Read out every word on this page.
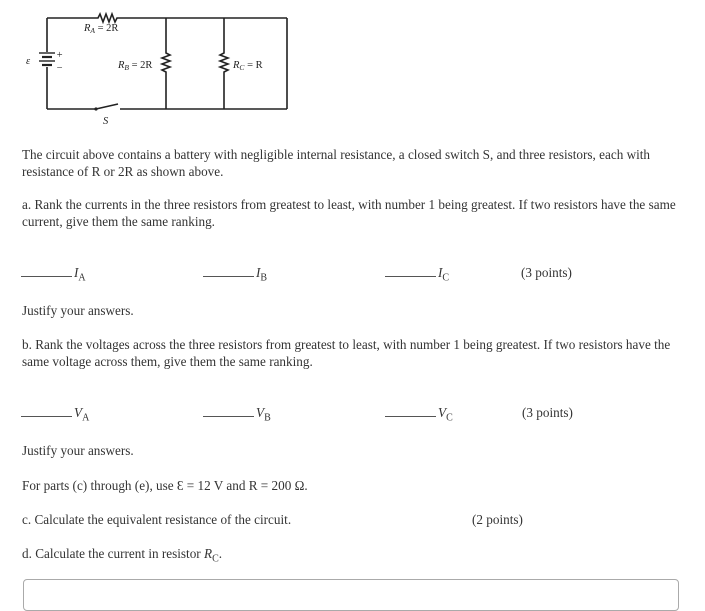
RA = 2R
RB = 2R	RC = R
ε
+
−
S
The circuit above contains a battery with negligible internal resistance, a closed switch S, and three resistors, each with resistance of R or 2R as shown above.
a. Rank the currents in the three resistors from greatest to least, with number 1 being greatest. If two resistors have the same current, give them the same ranking.
$I_A$	$I_B$	$I_C$	(3 points)
Justify your answers.
b. Rank the voltages across the three resistors from greatest to least, with number 1 being greatest. If two resistors have the same voltage across them, give them the same ranking.
$V_A$	$V_B$	$V_C$	(3 points)
Justify your answers.
For parts (c) through (e), use Ɛ = 12 V and R = 200 Ω.
c. Calculate the equivalent resistance of the circuit.	(2 points)
d. Calculate the current in resistor $R_C$.
